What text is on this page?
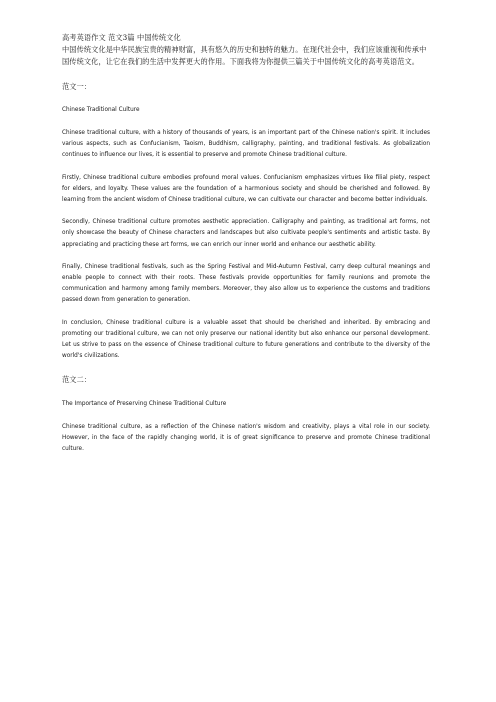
高考英语作文 范文3篇 中国传统文化

中国传统文化是中华民族宝贵的精神财富，具有悠久的历史和独特的魅力。在现代社会中，我们应该重视和传承中国传统文化，让它在我们的生活中发挥更大的作用。下面我将为你提供三篇关于中国传统文化的高考英语范文。

范文一：

Chinese Traditional Culture

Chinese traditional culture, with a history of thousands of years, is an important part of the Chinese nation's spirit. It includes various aspects, such as Confucianism, Taoism, Buddhism, calligraphy, painting, and traditional festivals. As globalization continues to influence our lives, it is essential to preserve and promote Chinese traditional culture.

Firstly, Chinese traditional culture embodies profound moral values. Confucianism emphasizes virtues like filial piety, respect for elders, and loyalty. These values are the foundation of a harmonious society and should be cherished and followed. By learning from the ancient wisdom of Chinese traditional culture, we can cultivate our character and become better individuals.

Secondly, Chinese traditional culture promotes aesthetic appreciation. Calligraphy and painting, as traditional art forms, not only showcase the beauty of Chinese characters and landscapes but also cultivate people's sentiments and artistic taste. By appreciating and practicing these art forms, we can enrich our inner world and enhance our aesthetic ability.

Finally, Chinese traditional festivals, such as the Spring Festival and Mid-Autumn Festival, carry deep cultural meanings and enable people to connect with their roots. These festivals provide opportunities for family reunions and promote the communication and harmony among family members. Moreover, they also allow us to experience the customs and traditions passed down from generation to generation.

In conclusion, Chinese traditional culture is a valuable asset that should be cherished and inherited. By embracing and promoting our traditional culture, we can not only preserve our national identity but also enhance our personal development. Let us strive to pass on the essence of Chinese traditional culture to future generations and contribute to the diversity of the world's civilizations.

范文二：

The Importance of Preserving Chinese Traditional Culture

Chinese traditional culture, as a reflection of the Chinese nation's wisdom and creativity, plays a vital role in our society. However, in the face of the rapidly changing world, it is of great significance to preserve and promote Chinese traditional culture.
